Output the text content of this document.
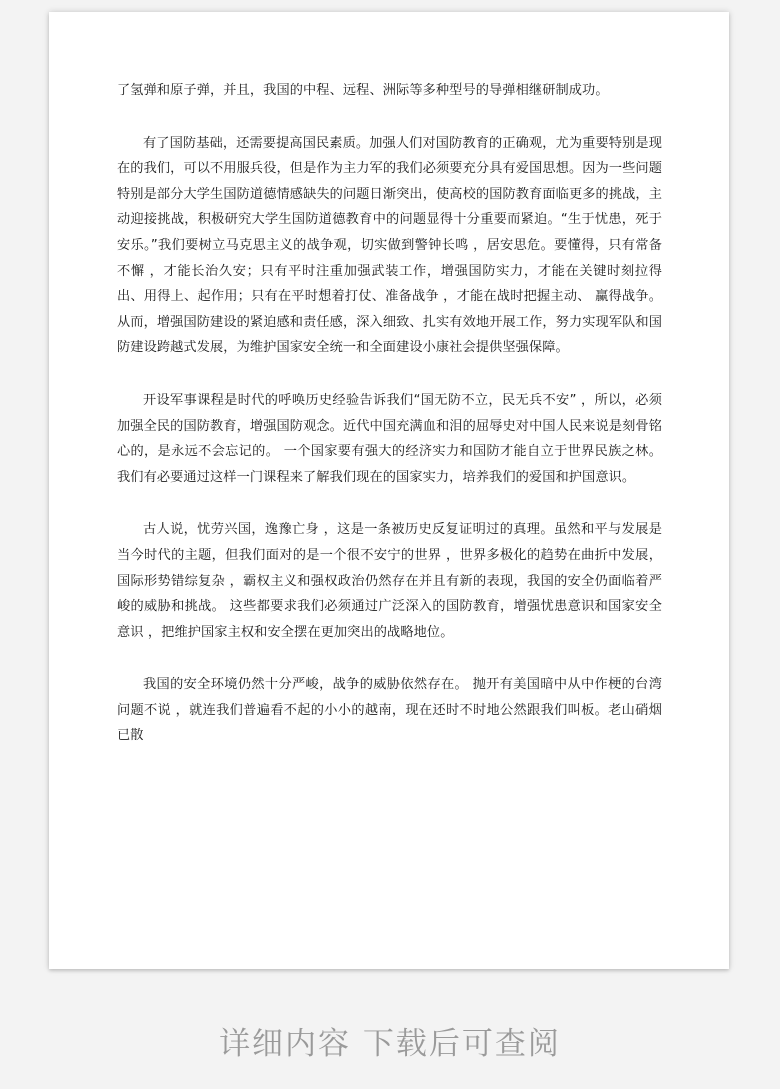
了氢弹和原子弹，并且，我国的中程、远程、洲际等多种型号的导弹相继研制成功。

有了国防基础，还需要提高国民素质。加强人们对国防教育的正确观，尤为重要特别是现在的我们，可以不用服兵役，但是作为主力军的我们必须要充分具有爱国思想。因为一些问题特别是部分大学生国防道德情感缺失的问题日渐突出，使高校的国防教育面临更多的挑战，主动迎接挑战，积极研究大学生国防道德教育中的问题显得十分重要而紧迫。“生于忧患，死于安乐。”我们要树立马克思主义的战争观，切实做到警钟长鸣 ，居安思危。要懂得，只有常备不懈 ，才能长治久安；只有平时注重加强武装工作，增强国防实力，才能在关键时刻拉得出、用得上、起作用；只有在平时想着打仗、准备战争 ，才能在战时把握主动、 赢得战争。从而，增强国防建设的紧迫感和责任感，深入细致、扎实有效地开展工作，努力实现军队和国防建设跨越式发展，为维护国家安全统一和全面建设小康社会提供坚强保障。

开设军事课程是时代的呼唤历史经验告诉我们“国无防不立，民无兵不安” ，所以，必须加强全民的国防教育，增强国防观念。近代中国充满血和泪的屈辱史对中国人民来说是刻骨铭心的，是永远不会忘记的。 一个国家要有强大的经济实力和国防才能自立于世界民族之林。我们有必要通过这样一门课程来了解我们现在的国家实力，培养我们的爱国和护国意识。

古人说，忧劳兴国，逸豫亡身 ，这是一条被历史反复证明过的真理。虽然和平与发展是当今时代的主题，但我们面对的是一个很不安宁的世界 ，世界多极化的趋势在曲折中发展，国际形势错综复杂 ，霸权主义和强权政治仍然存在并且有新的表现，我国的安全仍面临着严峻的威胁和挑战。 这些都要求我们必须通过广泛深入的国防教育，增强忧患意识和国家安全意识 ，把维护国家主权和安全摆在更加突出的战略地位。

我国的安全环境仍然十分严峻，战争的威胁依然存在。 抛开有美国暗中从中作梗的台湾问题不说 ，就连我们普遍看不起的小小的越南，现在还时不时地公然跟我们叫板。老山硝烟已散

详细内容 下载后可查阅
